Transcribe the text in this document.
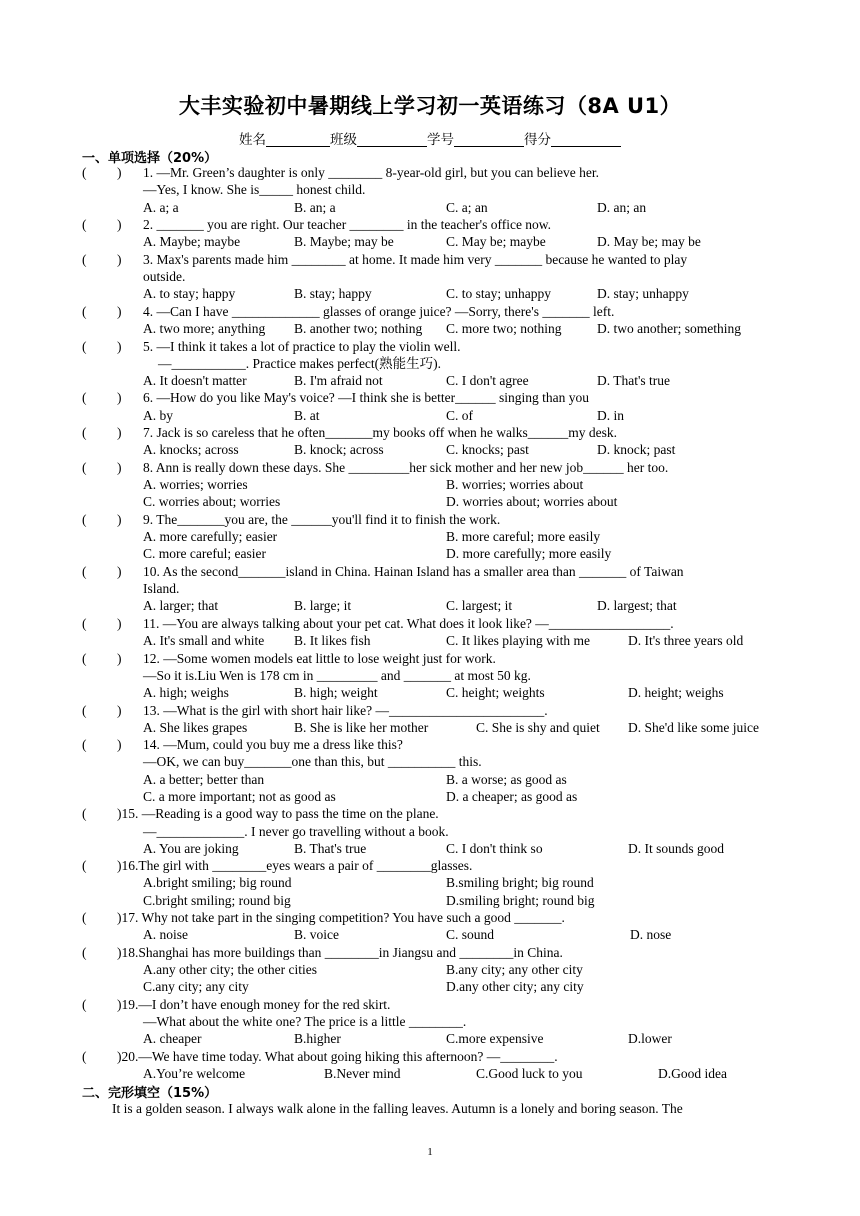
大丰实验初中暑期线上学习初一英语练习（8A U1）
姓名	班级	学号	得分
一、单项选择（20%）
( ) 1. —Mr. Green’s daughter is only ________ 8-year-old girl, but you can believe her.
—Yes, I know. She is_____ honest child.
A. a; a	B. an; a	C. a; an	D. an; an
( ) 2. _______ you are right. Our teacher ________ in the teacher's office now.
A. Maybe; maybe	B. Maybe; may be	C. May be; maybe	D. May be; may be
( ) 3. Max's parents made him ________ at home. It made him very _______ because he wanted to play
outside.
A. to stay; happy	B. stay; happy	C. to stay; unhappy	D. stay; unhappy
( ) 4. —Can I have _____________ glasses of orange juice? —Sorry, there's _______ left.
A. two more; anything B. another two; nothing C. more two; nothing	D. two another; something
( ) 5. —I think it takes a lot of practice to play the violin well.
—___________. Practice makes perfect(熟能生巧).
A. It doesn't matter	B. I'm afraid not	C. I don't agree	D. That's true
( ) 6. —How do you like May's voice? —I think she is better______ singing than you
A. by	B. at	C. of	D. in
( ) 7. Jack is so careless that he often_______my books off when he walks______my desk.
A. knocks; across	B. knock; across	C. knocks; past	D. knock; past
( ) 8. Ann is really down these days. She _________her sick mother and her new job______ her too.
A. worries; worries	B. worries; worries about
C. worries about; worries	D. worries about; worries about
( ) 9. The_______you are, the ______you'll find it to finish the work.
A. more carefully; easier	B. more careful; more easily
C. more careful; easier	D. more carefully; more easily
( ) 10. As the second_______island in China. Hainan Island has a smaller area than _______ of Taiwan
Island.
A. larger; that	B. large; it	C. largest; it	D. largest; that
( ) 11. —You are always talking about your pet cat. What does it look like? —__________________.
A. It's small and white B. It likes fish	C. It likes playing with me	D. It's three years old
( ) 12. —Some women models eat little to lose weight just for work.
—So it is.Liu Wen is 178 cm in _________ and _______ at most 50 kg.
A. high; weighs	B. high; weight	C. height; weights	D. height; weighs
( ) 13. —What is the girl with short hair like? —_______________________.
A. She likes grapes	B. She is like her mother	C. She is shy and quiet D. She'd like some juice
( ) 14. —Mum, could you buy me a dress like this?
—OK, we can buy_______one than this, but __________ this.
A. a better; better than	B. a worse; as good as
C. a more important; not as good as	D. a cheaper; as good as
( )15. —Reading is a good way to pass the time on the plane.
—_____________. I never go travelling without a book.
A. You are joking	B. That's true	C. I don't think so	D. It sounds good
( )16.The girl with ________eyes wears a pair of ________glasses.
A.bright smiling; big round	B.smiling bright; big round
C.bright smiling; round big	D.smiling bright; round big
( )17. Why not take part in the singing competition? You have such a good _______.
A. noise	B. voice	C. sound	D. nose
( )18.Shanghai has more buildings than ________in Jiangsu and ________in China.
A.any other city; the other cities	B.any city; any other city
C.any city; any city	D.any other city; any city
( )19.—I don’t have enough money for the red skirt.
—What about the white one? The price is a little ________.
A. cheaper	B.higher	C.more expensive	D.lower
( )20.—We have time today. What about going hiking this afternoon? —________.
A.You’re welcome	B.Never mind	C.Good luck to you	D.Good idea
二、完形填空（15%）
It is a golden season. I always walk alone in the falling leaves. Autumn is a lonely and boring season. The
1
